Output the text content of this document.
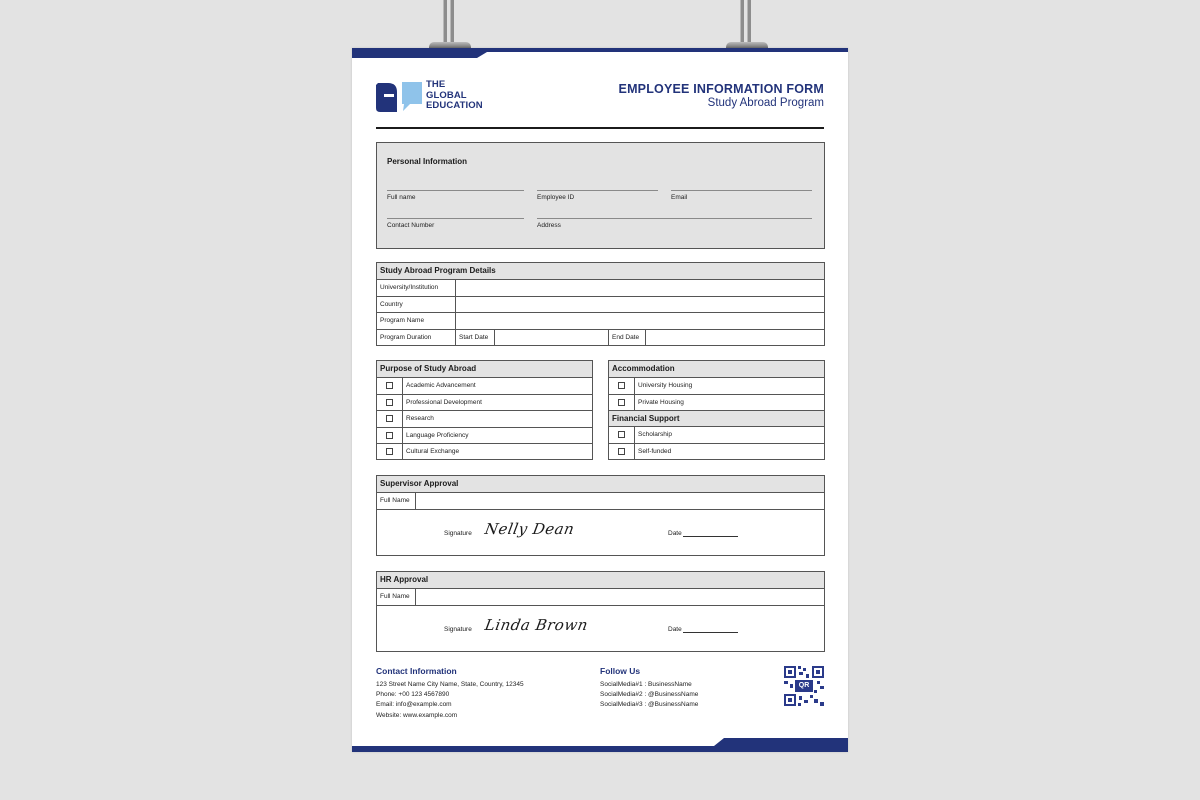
THE
GLOBAL
EDUCATION
EMPLOYEE INFORMATION FORM
Study Abroad Program
Personal Information
Full name	Employee ID	Email
Contact Number	Address
Study Abroad Program Details
University/Institution
Country
Program Name
Program Duration	Start Date	End Date
Purpose of Study Abroad
Academic Advancement
Professional Development
Research
Language Proficiency
Cultural Exchange
Accommodation
University Housing
Private Housing
Financial Support
Scholarship
Self-funded
Supervisor Approval
Full Name
Signature Nelly Dean	Date
HR Approval
Full Name
Signature Linda Brown	Date
Contact Information
123 Street Name City Name, State, Country, 12345
Phone: +00 123 4567890
Email: info@example.com
Website: www.example.com
Follow Us
SocialMedia#1 : BusinessName
SocialMedia#2 : @BusinessName
SocialMedia#3 : @BusinessName
QR
